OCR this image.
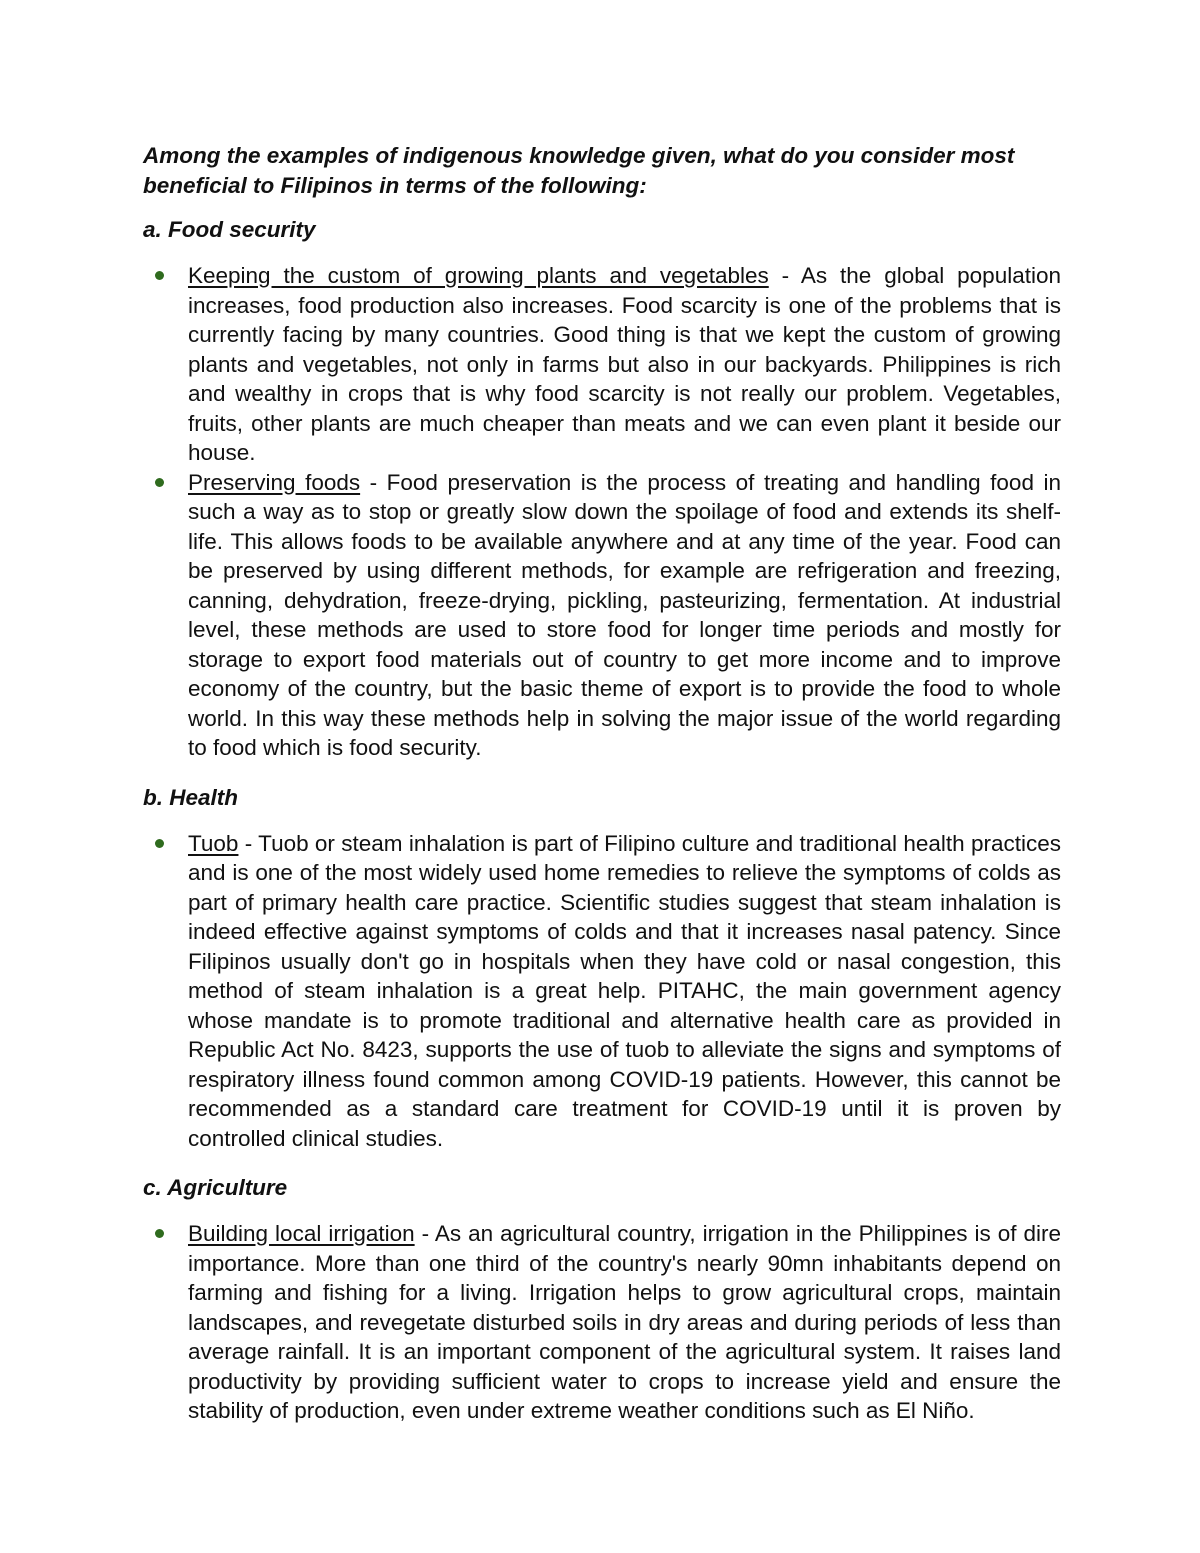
Among the examples of indigenous knowledge given, what do you consider most beneficial to Filipinos in terms of the following:

a. Food security

Keeping the custom of growing plants and vegetables - As the global population increases, food production also increases. Food scarcity is one of the problems that is currently facing by many countries. Good thing is that we kept the custom of growing plants and vegetables, not only in farms but also in our backyards. Philippines is rich and wealthy in crops that is why food scarcity is not really our problem. Vegetables, fruits, other plants are much cheaper than meats and we can even plant it beside our house.
Preserving foods - Food preservation is the process of treating and handling food in such a way as to stop or greatly slow down the spoilage of food and extends its shelf-life. This allows foods to be available anywhere and at any time of the year. Food can be preserved by using different methods, for example are refrigeration and freezing, canning, dehydration, freeze-drying, pickling, pasteurizing, fermentation. At industrial level, these methods are used to store food for longer time periods and mostly for storage to export food materials out of country to get more income and to improve economy of the country, but the basic theme of export is to provide the food to whole world. In this way these methods help in solving the major issue of the world regarding to food which is food security.

b. Health

Tuob - Tuob or steam inhalation is part of Filipino culture and traditional health practices and is one of the most widely used home remedies to relieve the symptoms of colds as part of primary health care practice. Scientific studies suggest that steam inhalation is indeed effective against symptoms of colds and that it increases nasal patency. Since Filipinos usually don't go in hospitals when they have cold or nasal congestion, this method of steam inhalation is a great help. PITAHC, the main government agency whose mandate is to promote traditional and alternative health care as provided in Republic Act No. 8423, supports the use of tuob to alleviate the signs and symptoms of respiratory illness found common among COVID-19 patients. However, this cannot be recommended as a standard care treatment for COVID-19 until it is proven by controlled clinical studies.

c. Agriculture

Building local irrigation - As an agricultural country, irrigation in the Philippines is of dire importance. More than one third of the country's nearly 90mn inhabitants depend on farming and fishing for a living. Irrigation helps to grow agricultural crops, maintain landscapes, and revegetate disturbed soils in dry areas and during periods of less than average rainfall. It is an important component of the agricultural system. It raises land productivity by providing sufficient water to crops to increase yield and ensure the stability of production, even under extreme weather conditions such as El Niño.
